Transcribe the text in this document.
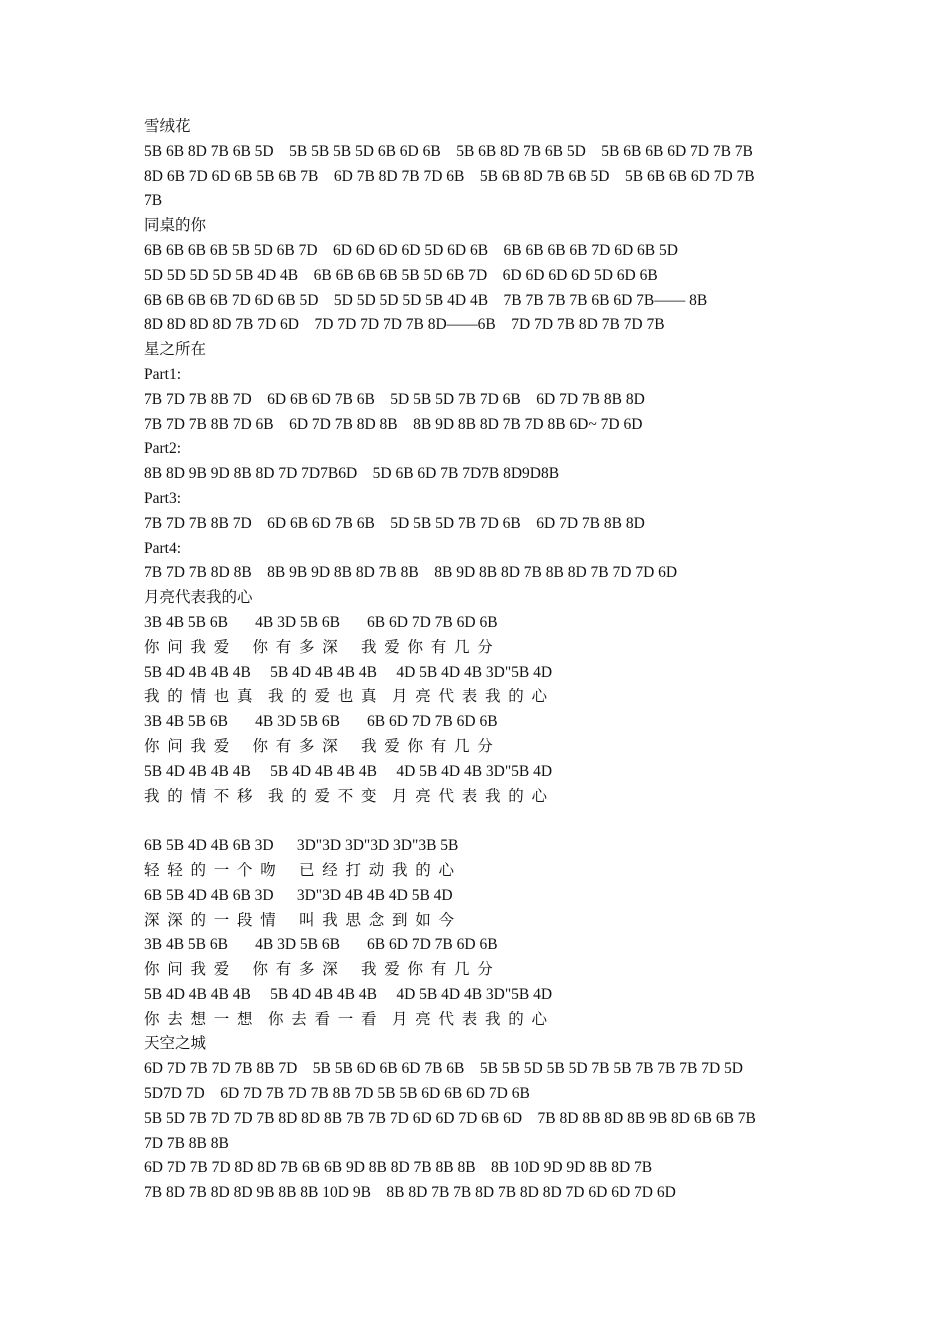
雪绒花
5B 6B 8D 7B 6B 5D    5B 5B 5B 5D 6B 6D 6B    5B 6B 8D 7B 6B 5D    5B 6B 6B 6D 7D 7B 7B
8D 6B 7D 6D 6B 5B 6B 7B    6D 7B 8D 7B 7D 6B    5B 6B 8D 7B 6B 5D    5B 6B 6B 6D 7D 7B
7B
同桌的你
6B 6B 6B 6B 5B 5D 6B 7D    6D 6D 6D 6D 5D 6D 6B    6B 6B 6B 6B 7D 6D 6B 5D
5D 5D 5D 5D 5B 4D 4B    6B 6B 6B 6B 5B 5D 6B 7D    6D 6D 6D 6D 5D 6D 6B
6B 6B 6B 6B 7D 6D 6B 5D    5D 5D 5D 5D 5B 4D 4B    7B 7B 7B 7B 6B 6D 7B—— 8B
8D 8D 8D 8D 7B 7D 6D    7D 7D 7D 7D 7B 8D——6B    7D 7D 7B 8D 7B 7D 7B
星之所在
Part1:
7B 7D 7B 8B 7D    6D 6B 6D 7B 6B    5D 5B 5D 7B 7D 6B    6D 7D 7B 8B 8D
7B 7D 7B 8B 7D 6B    6D 7D 7B 8D 8B    8B 9D 8B 8D 7B 7D 8B 6D~ 7D 6D
Part2:
8B 8D 9B 9D 8B 8D 7D 7D7B6D    5D 6B 6D 7B 7D7B 8D9D8B
Part3:
7B 7D 7B 8B 7D    6D 6B 6D 7B 6B    5D 5B 5D 7B 7D 6B    6D 7D 7B 8B 8D
Part4:
7B 7D 7B 8D 8B    8B 9B 9D 8B 8D 7B 8B    8B 9D 8B 8D 7B 8B 8D 7B 7D 7D 6D
月亮代表我的心
3B 4B 5B 6B       4B 3D 5B 6B       6B 6D 7D 7B 6D 6B
你  问  我  爱      你  有  多  深      我  爱  你  有  几  分
5B 4D 4B 4B 4B     5B 4D 4B 4B 4B     4D 5B 4D 4B 3D"5B 4D
我  的  情  也  真    我  的  爱  也  真    月  亮  代  表  我  的  心
3B 4B 5B 6B       4B 3D 5B 6B       6B 6D 7D 7B 6D 6B
你  问  我  爱      你  有  多  深      我  爱  你  有  几  分
5B 4D 4B 4B 4B     5B 4D 4B 4B 4B     4D 5B 4D 4B 3D"5B 4D
我  的  情  不  移    我  的  爱  不  变    月  亮  代  表  我  的  心
6B 5B 4D 4B 6B 3D      3D"3D 3D"3D 3D"3B 5B
轻  轻  的  一  个  吻      已  经  打  动  我  的  心
6B 5B 4D 4B 6B 3D      3D"3D 4B 4B 4D 5B 4D
深  深  的  一  段  情      叫  我  思  念  到  如  今
3B 4B 5B 6B       4B 3D 5B 6B       6B 6D 7D 7B 6D 6B
你  问  我  爱      你  有  多  深      我  爱  你  有  几  分
5B 4D 4B 4B 4B     5B 4D 4B 4B 4B     4D 5B 4D 4B 3D"5B 4D
你  去  想  一  想    你  去  看  一  看    月  亮  代  表  我  的  心
天空之城
6D 7D 7B 7D 7B 8B 7D    5B 5B 6D 6B 6D 7B 6B    5B 5B 5D 5B 5D 7B 5B 7B 7B 7B 7D 5D
5D7D 7D    6D 7D 7B 7D 7B 8B 7D 5B 5B 6D 6B 6D 7D 6B
5B 5D 7B 7D 7D 7B 8D 8D 8B 7B 7B 7D 6D 6D 7D 6B 6D    7B 8D 8B 8D 8B 9B 8D 6B 6B 7B
7D 7B 8B 8B
6D 7D 7B 7D 8D 8D 7B 6B 6B 9D 8B 8D 7B 8B 8B    8B 10D 9D 9D 8B 8D 7B
7B 8D 7B 8D 8D 9B 8B 8B 10D 9B    8B 8D 7B 7B 8D 7B 8D 8D 7D 6D 6D 7D 6D
